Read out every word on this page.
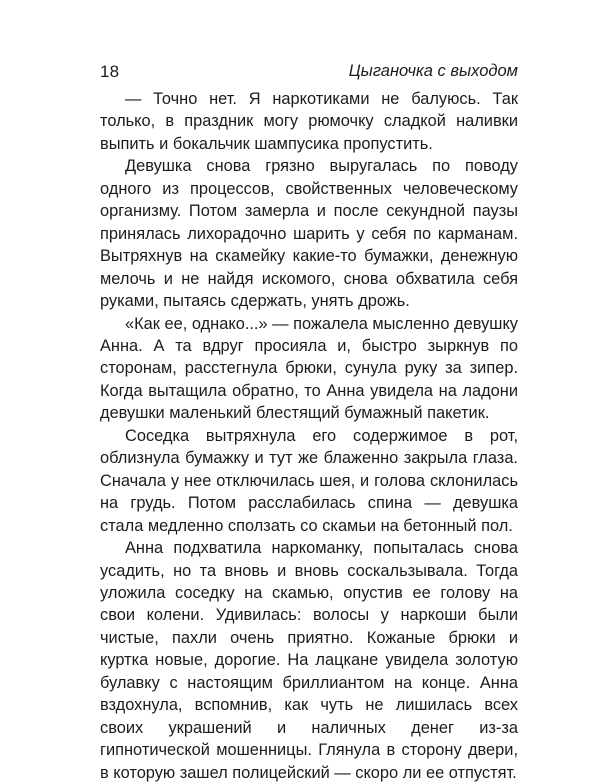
18	Цыганочка с выходом

— Точно нет. Я наркотиками не балуюсь. Так только, в праздник могу рюмочку сладкой наливки выпить и бокальчик шампусика пропустить.

Девушка снова грязно выругалась по поводу одного из процессов, свойственных человеческому организму. Потом замерла и после секундной паузы принялась лихорадочно шарить у себя по карманам. Вытряхнув на скамейку какие-то бумажки, денежную мелочь и не найдя искомого, снова обхватила себя руками, пытаясь сдержать, унять дрожь.

«Как ее, однако...» — пожалела мысленно девушку Анна. А та вдруг просияла и, быстро зыркнув по сторонам, расстегнула брюки, сунула руку за зипер. Когда вытащила обратно, то Анна увидела на ладони девушки маленький блестящий бумажный пакетик.

Соседка вытряхнула его содержимое в рот, облизнула бумажку и тут же блаженно закрыла глаза. Сначала у нее отключилась шея, и голова склонилась на грудь. Потом расслабилась спина — девушка стала медленно сползать со скамьи на бетонный пол.

Анна подхватила наркоманку, попыталась снова усадить, но та вновь и вновь соскальзывала. Тогда уложила соседку на скамью, опустив ее голову на свои колени. Удивилась: волосы у наркоши были чистые, пахли очень приятно. Кожаные брюки и куртка новые, дорогие. На лацкане увидела золотую булавку с настоящим бриллиантом на конце. Анна вздохнула, вспомнив, как чуть не лишилась всех своих украшений и наличных денег из-за гипнотической мошенницы. Глянула в сторону двери, в которую зашел полицейский — скоро ли ее отпустят.
